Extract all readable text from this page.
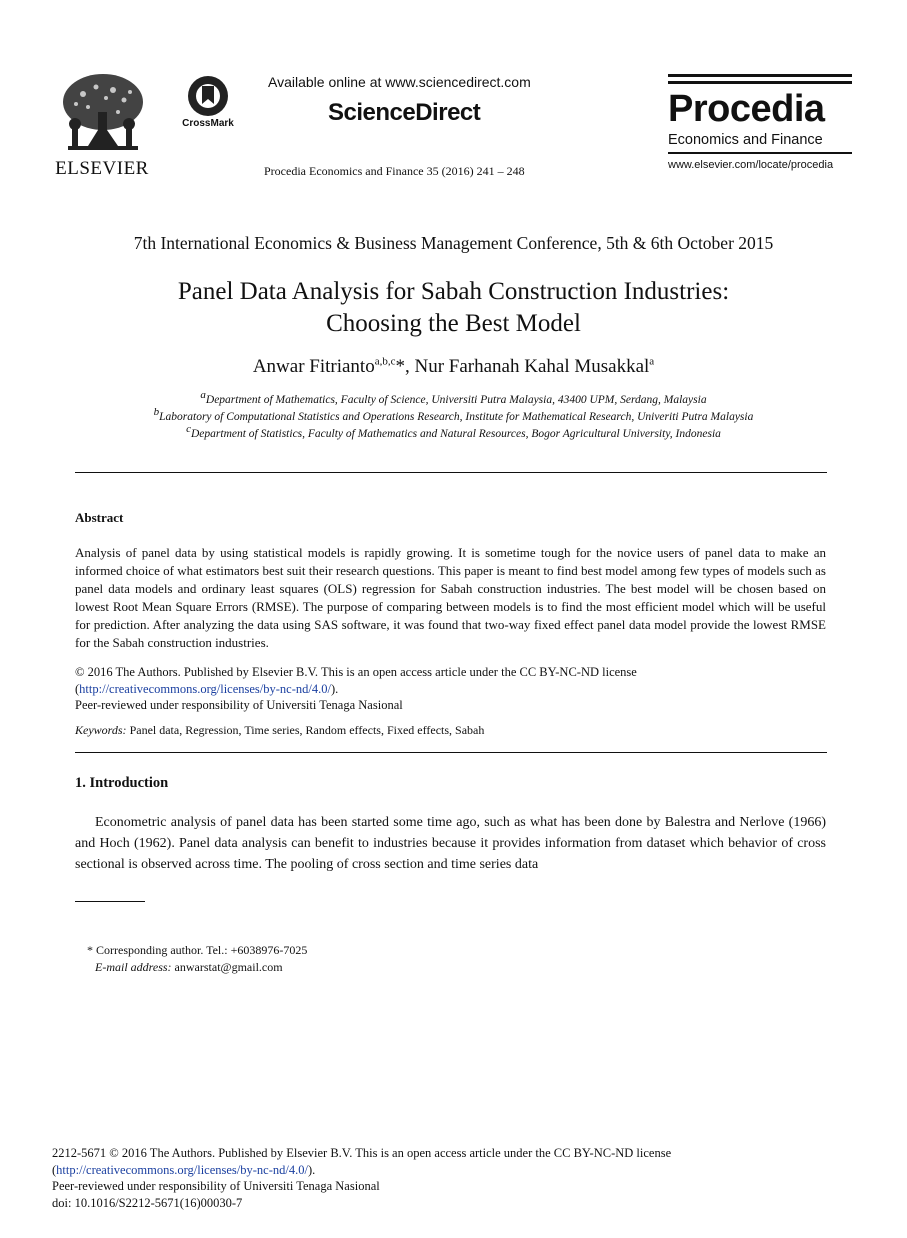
ELSEVIER
CrossMark
Available online at www.sciencedirect.com
ScienceDirect
Procedia Economics and Finance 35 (2016) 241 – 248
Procedia
Economics and Finance
www.elsevier.com/locate/procedia
7th International Economics & Business Management Conference, 5th & 6th October 2015
Panel Data Analysis for Sabah Construction Industries:
Choosing the Best Model
Anwar Fitrianto$^{a,b,c}$*, Nur Farhanah Kahal Musakkal$^a$
$^a$Department of Mathematics, Faculty of Science, Universiti Putra Malaysia, 43400 UPM, Serdang, Malaysia
$^b$Laboratory of Computational Statistics and Operations Research, Institute for Mathematical Research, Univeriti Putra Malaysia
$^c$Department of Statistics, Faculty of Mathematics and Natural Resources, Bogor Agricultural University, Indonesia
Abstract
Analysis of panel data by using statistical models is rapidly growing. It is sometime tough for the novice users of panel data to make an informed choice of what estimators best suit their research questions. This paper is meant to find best model among few types of models such as panel data models and ordinary least squares (OLS) regression for Sabah construction industries. The best model will be chosen based on lowest Root Mean Square Errors (RMSE). The purpose of comparing between models is to find the most efficient model which will be useful for prediction. After analyzing the data using SAS software, it was found that two-way fixed effect panel data model provide the lowest RMSE for the Sabah construction industries.
© 2016 The Authors. Published by Elsevier B.V. This is an open access article under the CC BY-NC-ND license
(http://creativecommons.org/licenses/by-nc-nd/4.0/).
Peer-reviewed under responsibility of Universiti Tenaga Nasional
Keywords: Panel data, Regression, Time series, Random effects, Fixed effects, Sabah
1. Introduction
Econometric analysis of panel data has been started some time ago, such as what has been done by Balestra and Nerlove (1966) and Hoch (1962). Panel data analysis can benefit to industries because it provides information from dataset which behavior of cross sectional is observed across time. The pooling of cross section and time series data
* Corresponding author. Tel.: +6038976-7025
E-mail address: anwarstat@gmail.com
2212-5671 © 2016 The Authors. Published by Elsevier B.V. This is an open access article under the CC BY-NC-ND license
(http://creativecommons.org/licenses/by-nc-nd/4.0/).
Peer-reviewed under responsibility of Universiti Tenaga Nasional
doi: 10.1016/S2212-5671(16)00030-7
